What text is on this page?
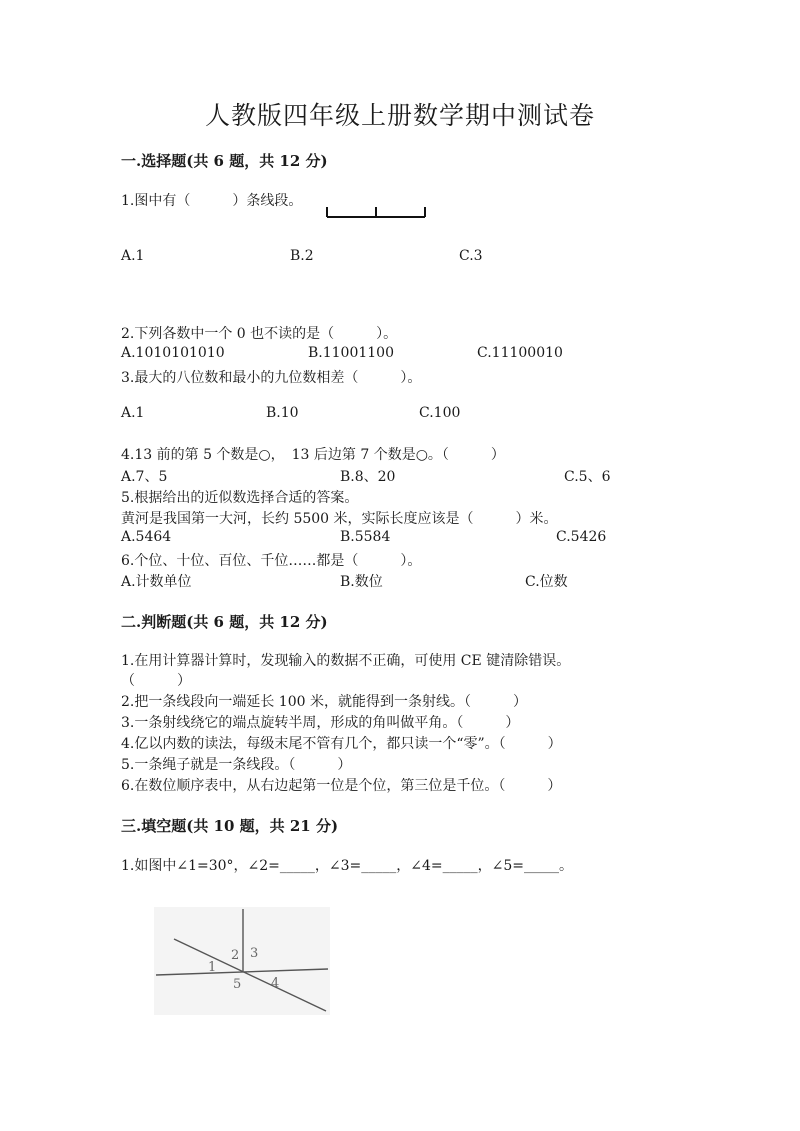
人教版四年级上册数学期中测试卷
一.选择题(共 6 题，共 12 分)
1.图中有（　　　）条线段。
A.1	B.2	C.3
2.下列各数中一个 0 也不读的是（　　　）。
A.1010101010	B.11001100	C.11100010
3.最大的八位数和最小的九位数相差（　　　）。
A.1	B.10	C.100
4.13 前的第 5 个数是○，　13 后边第 7 个数是○。（　　　）
A.7、5	B.8、20	C.5、6
5.根据给出的近似数选择合适的答案。
黄河是我国第一大河，长约 5500 米，实际长度应该是（　　　）米。
A.5464	B.5584	C.5426
6.个位、十位、百位、千位……都是（　　　）。
A.计数单位	B.数位	C.位数
二.判断题(共 6 题，共 12 分)
1.在用计算器计算时，发现输入的数据不正确，可使用 CE 键清除错误。
（　　　）
2.把一条线段向一端延长 100 米，就能得到一条射线。（　　　）
3.一条射线绕它的端点旋转半周，形成的角叫做平角。（　　　）
4.亿以内数的读法，每级末尾不管有几个，都只读一个“零”。（　　　）
5.一条绳子就是一条线段。（　　　）
6.在数位顺序表中，从右边起第一位是个位，第三位是千位。（　　　）
三.填空题(共 10 题，共 21 分)
1.如图中∠1=30°，∠2=_____，∠3=_____，∠4=_____，∠5=_____。
1
2 3
4
5
